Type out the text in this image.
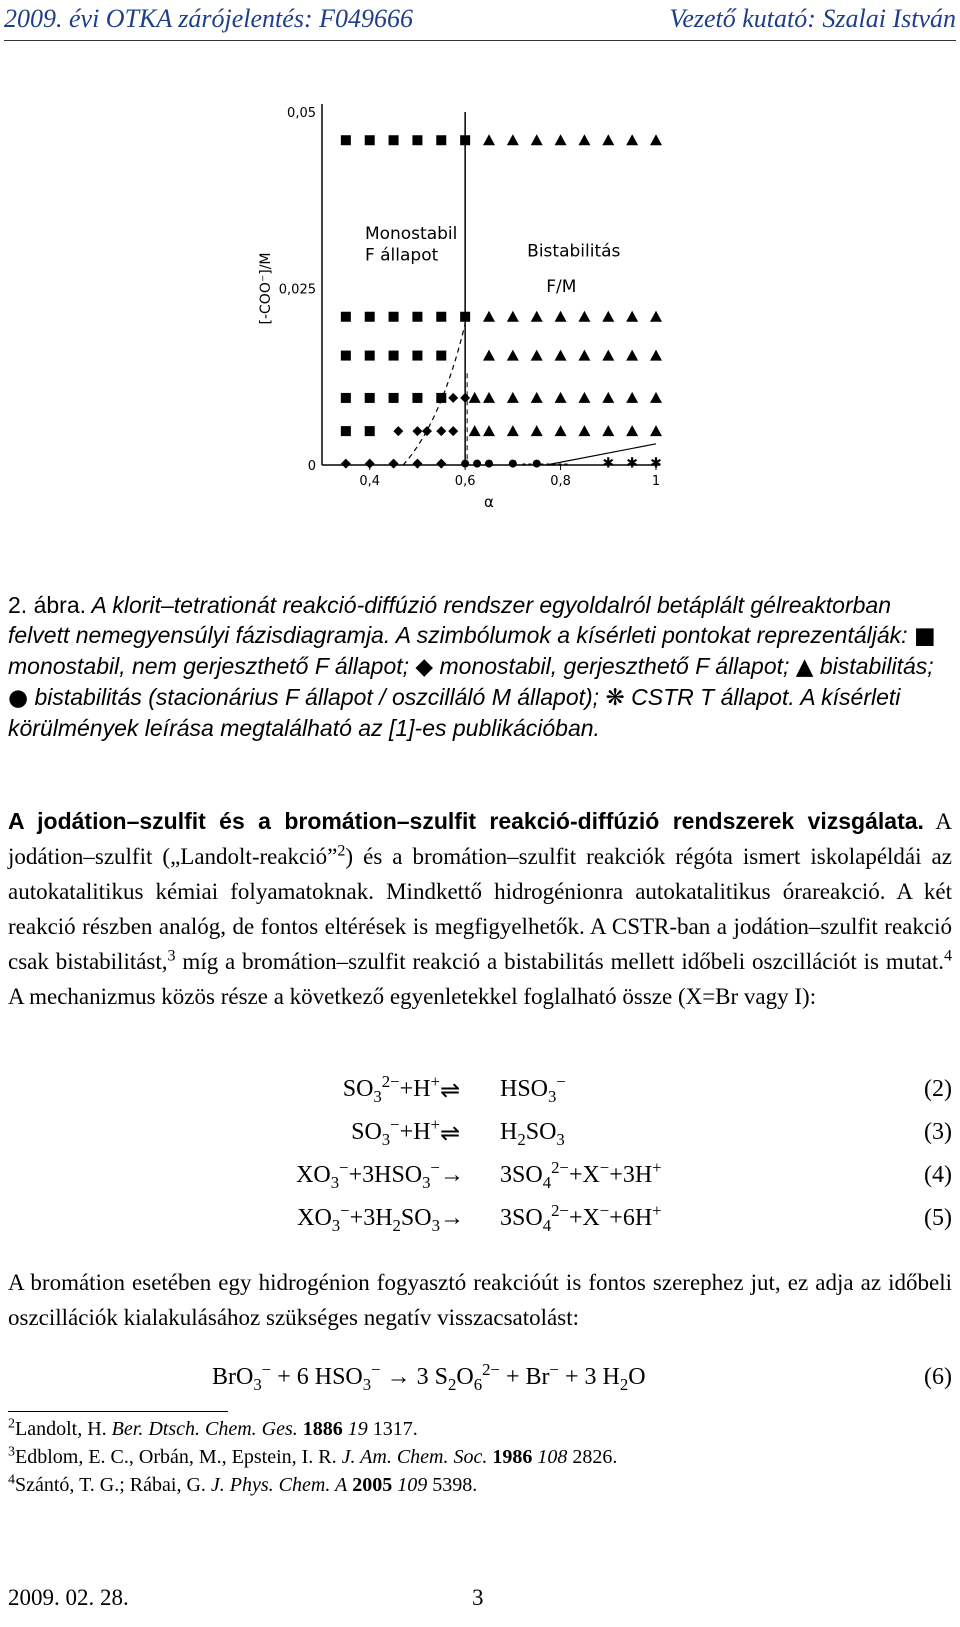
2009. évi OTKA zárójelentés: F049666	Vezető kutató: Szalai István
0,4	0,6	0,8	1
0
0,025
0,05
α
[-COO⁻]/M
Monostabil
F állapot	Bistabilitás
F/M
✱ ✱ ✱
2. ábra. A klorit–tetrationát reakció-diffúzió rendszer egyoldalról betáplált gélreaktorban felvett nemegyensúlyi fázisdiagramja. A szimbólumok a kísérleti pontokat reprezentálják: ■ monostabil, nem gerjeszthető F állapot; ◆ monostabil, gerjeszthető F állapot; ▲ bistabilitás; ● bistabilitás (stacionárius F állapot / oszcilláló M állapot); ❋ CSTR T állapot. A kísérleti körülmények leírása megtalálható az [1]-es publikációban.
A jodátion–szulfit és a bromátion–szulfit reakció-diffúzió rendszerek vizsgálata. A jodátion–szulfit („Landolt-reakció”$^2$) és a bromátion–szulfit reakciók régóta ismert iskolapéldái az autokatalitikus kémiai folyamatoknak. Mindkettő hidrogénionra autokatalitikus órareakció. A két reakció részben analóg, de fontos eltérések is megfigyelhetők. A CSTR-ban a jodátion–szulfit reakció csak bistabilitást,$^3$ míg a bromátion–szulfit reakció a bistabilitás mellett időbeli oszcillációt is mutat.$^4$ A mechanizmus közös része a következő egyenletekkel foglalható össze (X=Br vagy I):
$SO_3^{2-}+H^+$ ⇌ $HSO_3^-$	(2)
$SO_3^-+H^+$ ⇌ $H_2SO_3$	(3)
$XO_3^-+3HSO_3^- \to 3SO_4^{2-}+X^-+3H^+$	(4)
$XO_3^-+3H_2SO_3 \to 3SO_4^{2-}+X^-+6H^+$	(5)
A bromátion esetében egy hidrogénion fogyasztó reakcióút is fontos szerephez jut, ez adja az időbeli oszcillációk kialakulásához szükséges negatív visszacsatolást:
BrO$_3$− + 6 $HSO_3^- \to 3$ $S_2O_6^{2-} + Br^- + 3$ $H_2O$	(6)
$^2$Landolt, H. Ber. Dtsch. Chem. Ges. 1886 19 1317.
$^3$Edblom, E. C., Orbán, M., Epstein, I. R. J. Am. Chem. Soc. 1986 108 2826.
$^4$Szántó, T. G.; Rábai, G. J. Phys. Chem. A 2005 109 5398.
2009. 02. 28.	3
